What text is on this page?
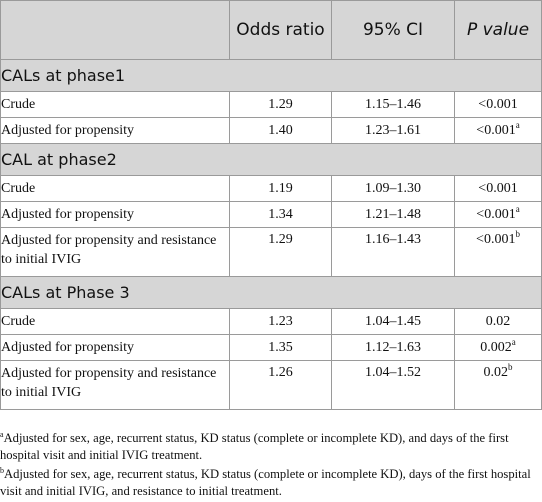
	Odds ratio	95% CI	P value
CALs at phase1			
Crude	1.29	1.15–1.46	<0.001
Adjusted for propensity	1.40	1.23–1.61	<0.001$^a$
CAL at phase2			
Crude	1.19	1.09–1.30	<0.001
Adjusted for propensity	1.34	1.21–1.48	<0.001$^a$
Adjusted for propensity and resistance to initial IVIG	1.29	1.16–1.43	<0.001$^b$
CALs at Phase 3			
Crude	1.23	1.04–1.45	0.02
Adjusted for propensity	1.35	1.12–1.63	0.002$^a$
Adjusted for propensity and resistance to initial IVIG	1.26	1.04–1.52	0.02$^b$

$^a$Adjusted for sex, age, recurrent status, KD status (complete or incomplete KD), and days of the first hospital visit and initial IVIG treatment.

$^b$Adjusted for sex, age, recurrent status, KD status (complete or incomplete KD), days of the first hospital visit and initial IVIG, and resistance to initial treatment.
